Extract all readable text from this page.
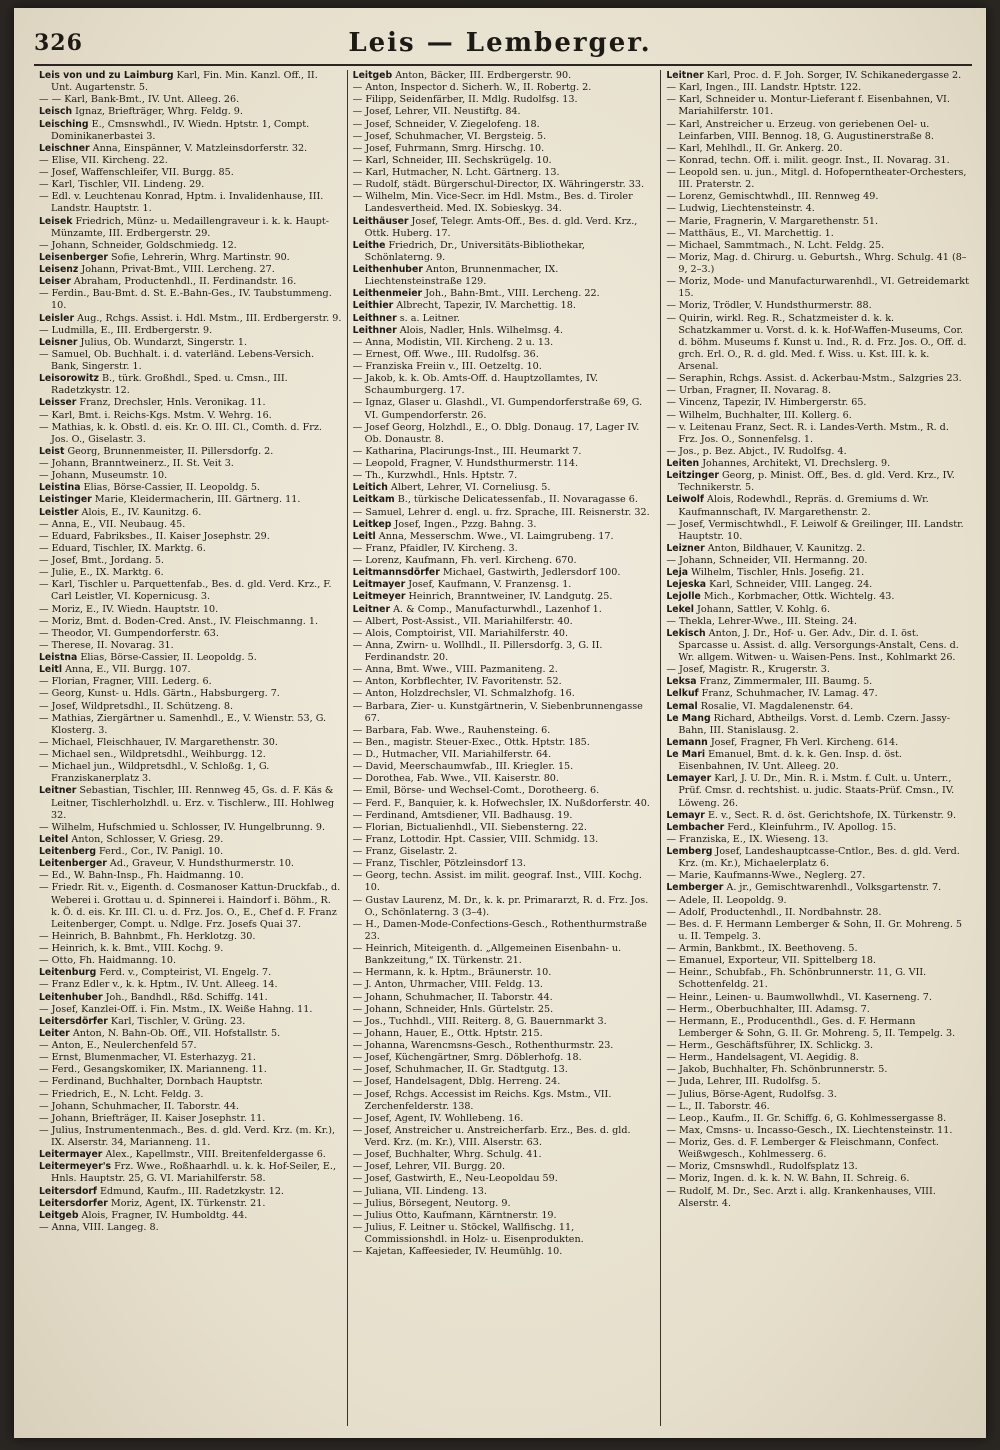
326	Leis — Lemberger.
Leis von und zu Laimburg Karl, Fin. Min. Kanzl. Off., II. Unt. Augartenstr. 5.
— — Karl, Bank-Bmt., IV. Unt. Alleeg. 26.
Leisch Ignaz, Briefträger, Whrg. Feldg. 9.
Leisching E., Cmsnswhdl., IV. Wiedn. Hptstr. 1, Compt. Dominikanerbastei 3.
Leischner Anna, Einspänner, V. Matzleinsdorferstr. 32.
— Elise, VII. Kircheng. 22.
— Josef, Waffenschleifer, VII. Burgg. 85.
— Karl, Tischler, VII. Lindeng. 29.
— Edl. v. Leuchtenau Konrad, Hptm. i. Invalidenhause, III. Landstr. Hauptstr. 1.
Leisek Friedrich, Münz- u. Medaillengraveur i. k. k. Haupt-Münzamte, III. Erdbergerstr. 29.
— Johann, Schneider, Goldschmiedg. 12.
Leisenberger Sofie, Lehrerin, Whrg. Martinstr. 90.
Leisenz Johann, Privat-Bmt., VIII. Lercheng. 27.
Leiser Abraham, Productenhdl., II. Ferdinandstr. 16.
— Ferdin., Bau-Bmt. d. St. E.-Bahn-Ges., IV. Taubstummeng. 10.
Leisler Aug., Rchgs. Assist. i. Hdl. Mstm., III. Erdbergerstr. 9.
— Ludmilla, E., III. Erdbergerstr. 9.
Leisner Julius, Ob. Wundarzt, Singerstr. 1.
— Samuel, Ob. Buchhalt. i. d. vaterländ. Lebens-Versich. Bank, Singerstr. 1.
Leisorowitz B., türk. Großhdl., Sped. u. Cmsn., III. Radetzkystr. 12.
Leisser Franz, Drechsler, Hnls. Veronikag. 11.
— Karl, Bmt. i. Reichs-Kgs. Mstm. V. Wehrg. 16.
— Mathias, k. k. Obstl. d. eis. Kr. O. III. Cl., Comth. d. Frz. Jos. O., Giselastr. 3.
Leist Georg, Brunnenmeister, II. Pillersdorfg. 2.
— Johann, Branntweinerz., II. St. Veit 3.
— Johann, Museumstr. 10.
Leistina Elias, Börse-Cassier, II. Leopoldg. 5.
Leistinger Marie, Kleidermacherin, III. Gärtnerg. 11.
Leistler Alois, E., IV. Kaunitzg. 6.
— Anna, E., VII. Neubaug. 45.
— Eduard, Fabriksbes., II. Kaiser Josephstr. 29.
— Eduard, Tischler, IX. Marktg. 6.
— Josef, Bmt., Jordang. 5.
— Julie, E., IX. Marktg. 6.
— Karl, Tischler u. Parquettenfab., Bes. d. gld. Verd. Krz., F. Carl Leistler, VI. Kopernicusg. 3.
— Moriz, E., IV. Wiedn. Hauptstr. 10.
— Moriz, Bmt. d. Boden-Cred. Anst., IV. Fleischmanng. 1.
— Theodor, VI. Gumpendorferstr. 63.
— Therese, II. Novarag. 31.
Leistna Elias, Börse-Cassier, II. Leopoldg. 5.
Leitl Anna, E., VII. Burgg. 107.
— Florian, Fragner, VIII. Lederg. 6.
— Georg, Kunst- u. Hdls. Gärtn., Habsburgerg. 7.
— Josef, Wildpretsdhl., II. Schützeng. 8.
— Mathias, Ziergärtner u. Samenhdl., E., V. Wienstr. 53, G. Klosterg. 3.
— Michael, Fleischhauer, IV. Margarethenstr. 30.
— Michael sen., Wildpretsdhl., Weihburgg. 12.
— Michael jun., Wildpretsdhl., V. Schloßg. 1, G. Franziskanerplatz 3.
Leitner Sebastian, Tischler, III. Rennweg 45, Gs. d. F. Käs & Leitner, Tischlerholzhdl. u. Erz. v. Tischlerw., III. Hohlweg 32.
— Wilhelm, Hufschmied u. Schlosser, IV. Hungelbrunng. 9.
Leitel Anton, Schlosser, V. Griesg. 29.
Leitenberg Ferd., Cor., IV. Panigl. 10.
Leitenberger Ad., Graveur, V. Hundsthurmerstr. 10.
— Ed., W. Bahn-Insp., Fh. Haidmanng. 10.
— Friedr. Rit. v., Eigenth. d. Cosmanoser Kattun-Druckfab., d. Weberei i. Grottau u. d. Spinnerei i. Haindorf i. Böhm., R. k. Ö. d. eis. Kr. III. Cl. u. d. Frz. Jos. O., E., Chef d. F. Franz Leitenberger, Compt. u. Ndlge. Frz. Josefs Quai 37.
— Heinrich, B. Bahnbmt., Fh. Herklotzg. 30.
— Heinrich, k. k. Bmt., VIII. Kochg. 9.
— Otto, Fh. Haidmanng. 10.
Leitenburg Ferd. v., Compteirist, VI. Engelg. 7.
— Franz Edler v., k. k. Hptm., IV. Unt. Alleeg. 14.
Leitenhuber Joh., Bandhdl., Rßd. Schiffg. 141.
— Josef, Kanzlei-Off. i. Fin. Mstm., IX. Weiße Hahng. 11.
Leitersdörfer Karl, Tischler, V. Grüng. 23.
Leiter Anton, N. Bahn-Ob. Off., VII. Hofstallstr. 5.
— Anton, E., Neulerchenfeld 57.
— Ernst, Blumenmacher, VI. Esterhazyg. 21.
— Ferd., Gesangskomiker, IX. Marianneng. 11.
— Ferdinand, Buchhalter, Dornbach Hauptstr.
— Friedrich, E., N. Lcht. Feldg. 3.
— Johann, Schuhmacher, II. Taborstr. 44.
— Johann, Briefträger, II. Kaiser Josephstr. 11.
— Julius, Instrumentenmach., Bes. d. gld. Verd. Krz. (m. Kr.), IX. Alserstr. 34, Marianneng. 11.
Leitermayer Alex., Kapellmstr., VIII. Breitenfeldergasse 6.
Leitermeyer's Frz. Wwe., Roßhaarhdl. u. k. k. Hof-Seiler, E., Hnls. Hauptstr. 25, G. VI. Mariahilferstr. 58.
Leitersdorf Edmund, Kaufm., III. Radetzkystr. 12.
Leitersdorfer Moriz, Agent, IX. Türkenstr. 21.
Leitgeb Alois, Fragner, IV. Humboldtg. 44.
— Anna, VIII. Langeg. 8.
Leitgeb Anton, Bäcker, III. Erdbergerstr. 90.
— Anton, Inspector d. Sicherh. W., II. Robertg. 2.
— Filipp, Seidenfärber, II. Mdlg. Rudolfsg. 13.
— Josef, Lehrer, VII. Neustiftg. 84.
— Josef, Schneider, V. Ziegelofeng. 18.
— Josef, Schuhmacher, VI. Bergsteig. 5.
— Josef, Fuhrmann, Smrg. Hirschg. 10.
— Karl, Schneider, III. Sechskrügelg. 10.
— Karl, Hutmacher, N. Lcht. Gärtnerg. 13.
— Rudolf, städt. Bürgerschul-Director, IX. Währingerstr. 33.
— Wilhelm, Min. Vice-Secr. im Hdl. Mstm., Bes. d. Tiroler Landesvertheid. Med. IX. Sobieskyg. 34.
Leithäuser Josef, Telegr. Amts-Off., Bes. d. gld. Verd. Krz., Ottk. Huberg. 17.
Leithe Friedrich, Dr., Universitäts-Bibliothekar, Schönlaterng. 9.
Leithenhuber Anton, Brunnenmacher, IX. Liechtensteinstraße 129.
Leithenmeier Joh., Bahn-Bmt., VIII. Lercheng. 22.
Leithier Albrecht, Tapezir, IV. Marchettig. 18.
Leithner s. a. Leitner.
Leithner Alois, Nadler, Hnls. Wilhelmsg. 4.
— Anna, Modistin, VII. Kircheng. 2 u. 13.
— Ernest, Off. Wwe., III. Rudolfsg. 36.
— Franziska Freiin v., III. Oetzeltg. 10.
— Jakob, k. k. Ob. Amts-Off. d. Hauptzollamtes, IV. Schaumburgerg. 17.
— Ignaz, Glaser u. Glashdl., VI. Gumpendorferstraße 69, G. VI. Gumpendorferstr. 26.
— Josef Georg, Holzhdl., E., O. Dblg. Donaug. 17, Lager IV. Ob. Donaustr. 8.
— Katharina, Placirungs-Inst., III. Heumarkt 7.
— Leopold, Fragner, V. Hundsthurmerstr. 114.
— Th., Kurzwhdl., Hnls. Hptstr. 7.
Leitich Albert, Lehrer, VI. Corneliusg. 5.
Leitkam B., türkische Delicatessenfab., II. Novaragasse 6.
— Samuel, Lehrer d. engl. u. frz. Sprache, III. Reisnerstr. 32.
Leitkep Josef, Ingen., Pzzg. Bahng. 3.
Leitl Anna, Messerschm. Wwe., VI. Laimgrubeng. 17.
— Franz, Pfaidler, IV. Kircheng. 3.
— Lorenz, Kaufmann, Fh. verl. Kircheng. 670.
Leitmannsdörfer Michael, Gastwirth, Jedlersdorf 100.
Leitmayer Josef, Kaufmann, V. Franzensg. 1.
Leitmeyer Heinrich, Branntweiner, IV. Landgutg. 25.
Leitner A. & Comp., Manufacturwhdl., Lazenhof 1.
— Albert, Post-Assist., VII. Mariahilferstr. 40.
— Alois, Comptoirist, VII. Mariahilferstr. 40.
— Anna, Zwirn- u. Wollhdl., II. Pillersdorfg. 3, G. II. Ferdinandstr. 20.
— Anna, Bmt. Wwe., VIII. Pazmaniteng. 2.
— Anton, Korbflechter, IV. Favoritenstr. 52.
— Anton, Holzdrechsler, VI. Schmalzhofg. 16.
— Barbara, Zier- u. Kunstgärtnerin, V. Siebenbrunnengasse 67.
— Barbara, Fab. Wwe., Rauhensteing. 6.
— Ben., magistr. Steuer-Exec., Ottk. Hptstr. 185.
— D., Hutmacher, VII. Mariahilferstr. 64.
— David, Meerschaumwfab., III. Kriegler. 15.
— Dorothea, Fab. Wwe., VII. Kaiserstr. 80.
— Emil, Börse- und Wechsel-Comt., Dorotheerg. 6.
— Ferd. F., Banquier, k. k. Hofwechsler, IX. Nußdorferstr. 40.
— Ferdinand, Amtsdiener, VII. Badhausg. 19.
— Florian, Bictualienhdl., VII. Siebensterng. 22.
— Franz, Lottodir. Hpt. Cassier, VIII. Schmidg. 13.
— Franz, Giselastr. 2.
— Franz, Tischler, Pötzleinsdorf 13.
— Georg, techn. Assist. im milit. geograf. Inst., VIII. Kochg. 10.
— Gustav Laurenz, M. Dr., k. k. pr. Primararzt, R. d. Frz. Jos. O., Schönlaterng. 3 (3–4).
— H., Damen-Mode-Confections-Gesch., Rothenthurmstraße 23.
— Heinrich, Miteigenth. d. „Allgemeinen Eisenbahn- u. Bankzeitung,“ IX. Türkenstr. 21.
— Hermann, k. k. Hptm., Bräunerstr. 10.
— J. Anton, Uhrmacher, VIII. Feldg. 13.
— Johann, Schuhmacher, II. Taborstr. 44.
— Johann, Schneider, Hnls. Gürtelstr. 25.
— Jos., Tuchhdl., VIII. Reiterg. 8, G. Bauernmarkt 3.
— Johann, Hauer, E., Ottk. Hptstr. 215.
— Johanna, Warencmsns-Gesch., Rothenthurmstr. 23.
— Josef, Küchengärtner, Smrg. Döblerhofg. 18.
— Josef, Schuhmacher, II. Gr. Stadtgutg. 13.
— Josef, Handelsagent, Dblg. Herreng. 24.
— Josef, Rchgs. Accessist im Reichs. Kgs. Mstm., VII. Zerchenfelderstr. 138.
— Josef, Agent, IV. Wohllebeng. 16.
— Josef, Anstreicher u. Anstreicherfarb. Erz., Bes. d. gld. Verd. Krz. (m. Kr.), VIII. Alserstr. 63.
— Josef, Buchhalter, Whrg. Schulg. 41.
— Josef, Lehrer, VII. Burgg. 20.
— Josef, Gastwirth, E., Neu-Leopoldau 59.
— Juliana, VII. Lindeng. 13.
— Julius, Börsegent, Neutorg. 9.
— Julius Otto, Kaufmann, Kärntnerstr. 19.
— Julius, F. Leitner u. Stöckel, Wallfischg. 11, Commissionshdl. in Holz- u. Eisenprodukten.
— Kajetan, Kaffeesieder, IV. Heumühlg. 10.
Leitner Karl, Proc. d. F. Joh. Sorger, IV. Schikanedergasse 2.
— Karl, Ingen., III. Landstr. Hptstr. 122.
— Karl, Schneider u. Montur-Lieferant f. Eisenbahnen, VI. Mariahilferstr. 101.
— Karl, Anstreicher u. Erzeug. von geriebenen Oel- u. Leinfarben, VIII. Bennog. 18, G. Augustinerstraße 8.
— Karl, Mehlhdl., II. Gr. Ankerg. 20.
— Konrad, techn. Off. i. milit. geogr. Inst., II. Novarag. 31.
— Leopold sen. u. jun., Mitgl. d. Hofoperntheater-Orchesters, III. Praterstr. 2.
— Lorenz, Gemischtwhdl., III. Rennweg 49.
— Ludwig, Liechtensteinstr. 4.
— Marie, Fragnerin, V. Margarethenstr. 51.
— Matthäus, E., VI. Marchettig. 1.
— Michael, Sammtmach., N. Lcht. Feldg. 25.
— Moriz, Mag. d. Chirurg. u. Geburtsh., Whrg. Schulg. 41 (8–9, 2–3.)
— Moriz, Mode- und Manufacturwarenhdl., VI. Getreidemarkt 15.
— Moriz, Trödler, V. Hundsthurmerstr. 88.
— Quirin, wirkl. Reg. R., Schatzmeister d. k. k. Schatzkammer u. Vorst. d. k. k. Hof-Waffen-Museums, Cor. d. böhm. Museums f. Kunst u. Ind., R. d. Frz. Jos. O., Off. d. grch. Erl. O., R. d. gld. Med. f. Wiss. u. Kst. III. k. k. Arsenal.
— Seraphin, Rchgs. Assist. d. Ackerbau-Mstm., Salzgries 23.
— Urban, Fragner, II. Novarag. 8.
— Vincenz, Tapezir, IV. Himbergerstr. 65.
— Wilhelm, Buchhalter, III. Kollerg. 6.
— v. Leitenau Franz, Sect. R. i. Landes-Verth. Mstm., R. d. Frz. Jos. O., Sonnenfelsg. 1.
— Jos., p. Bez. Abjct., IV. Rudolfsg. 4.
Leiten Johannes, Architekt, VI. Drechslerg. 9.
Leitzinger Georg, p. Minist. Off., Bes. d. gld. Verd. Krz., IV. Technikerstr. 5.
Leiwolf Alois, Rodewhdl., Repräs. d. Gremiums d. Wr. Kaufmannschaft, IV. Margarethenstr. 2.
— Josef, Vermischtwhdl., F. Leiwolf & Greilinger, III. Landstr. Hauptstr. 10.
Leizner Anton, Bildhauer, V. Kaunitzg. 2.
— Johann, Schneider, VII. Hermanng. 20.
Leja Wilhelm, Tischler, Hnls. Josefig. 21.
Lejeska Karl, Schneider, VIII. Langeg. 24.
Lejolle Mich., Korbmacher, Ottk. Wichtelg. 43.
Lekel Johann, Sattler, V. Kohlg. 6.
— Thekla, Lehrer-Wwe., III. Steing. 24.
Lekisch Anton, J. Dr., Hof- u. Ger. Adv., Dir. d. I. öst. Sparcasse u. Assist. d. allg. Versorgungs-Anstalt, Cens. d. Wr. allgem. Witwen- u. Waisen-Pens. Inst., Kohlmarkt 26.
— Josef, Magistr. R., Krugerstr. 3.
Leksa Franz, Zimmermaler, III. Baumg. 5.
Lelkuf Franz, Schuhmacher, IV. Lamag. 47.
Lemal Rosalie, VI. Magdalenenstr. 64.
Le Mang Richard, Abtheilgs. Vorst. d. Lemb. Czern. Jassy-Bahn, III. Stanislausg. 2.
Lemann Josef, Fragner, Fh Verl. Kircheng. 614.
Le Mari Emanuel, Bmt. d. k. k. Gen. Insp. d. öst. Eisenbahnen, IV. Unt. Alleeg. 20.
Lemayer Karl, J. U. Dr., Min. R. i. Mstm. f. Cult. u. Unterr., Prüf. Cmsr. d. rechtshist. u. judic. Staats-Prüf. Cmsn., IV. Löweng. 26.
Lemayr E. v., Sect. R. d. öst. Gerichtshofe, IX. Türkenstr. 9.
Lembacher Ferd., Kleinfuhrm., IV. Apollog. 15.
— Franziska, E., IX. Wieseng. 13.
Lemberg Josef, Landeshauptcasse-Cntlor., Bes. d. gld. Verd. Krz. (m. Kr.), Michaelerplatz 6.
— Marie, Kaufmanns-Wwe., Neglerg. 27.
Lemberger A. jr., Gemischtwarenhdl., Volksgartenstr. 7.
— Adele, II. Leopoldg. 9.
— Adolf, Productenhdl., II. Nordbahnstr. 28.
— Bes. d. F. Hermann Lemberger & Sohn, II. Gr. Mohreng. 5 u. II. Tempelg. 3.
— Armin, Bankbmt., IX. Beethoveng. 5.
— Emanuel, Exporteur, VII. Spittelberg 18.
— Heinr., Schubfab., Fh. Schönbrunnerstr. 11, G. VII. Schottenfeldg. 21.
— Heinr., Leinen- u. Baumwollwhdl., VI. Kaserneng. 7.
— Herm., Oberbuchhalter, III. Adamsg. 7.
— Hermann, E., Producenthdl., Ges. d. F. Hermann Lemberger & Sohn, G. II. Gr. Mohreng. 5, II. Tempelg. 3.
— Herm., Geschäftsführer, IX. Schlickg. 3.
— Herm., Handelsagent, VI. Aegidig. 8.
— Jakob, Buchhalter, Fh. Schönbrunnerstr. 5.
— Juda, Lehrer, III. Rudolfsg. 5.
— Julius, Börse-Agent, Rudolfsg. 3.
— L., II. Taborstr. 46.
— Leop., Kaufm., II. Gr. Schiffg. 6, G. Kohlmessergasse 8.
— Max, Cmsns- u. Incasso-Gesch., IX. Liechtensteinstr. 11.
— Moriz, Ges. d. F. Lemberger & Fleischmann, Confect. Weißwgesch., Kohlmesserg. 6.
— Moriz, Cmsnswhdl., Rudolfsplatz 13.
— Moriz, Ingen. d. k. k. N. W. Bahn, II. Schreig. 6.
— Rudolf, M. Dr., Sec. Arzt i. allg. Krankenhauses, VIII. Alserstr. 4.
